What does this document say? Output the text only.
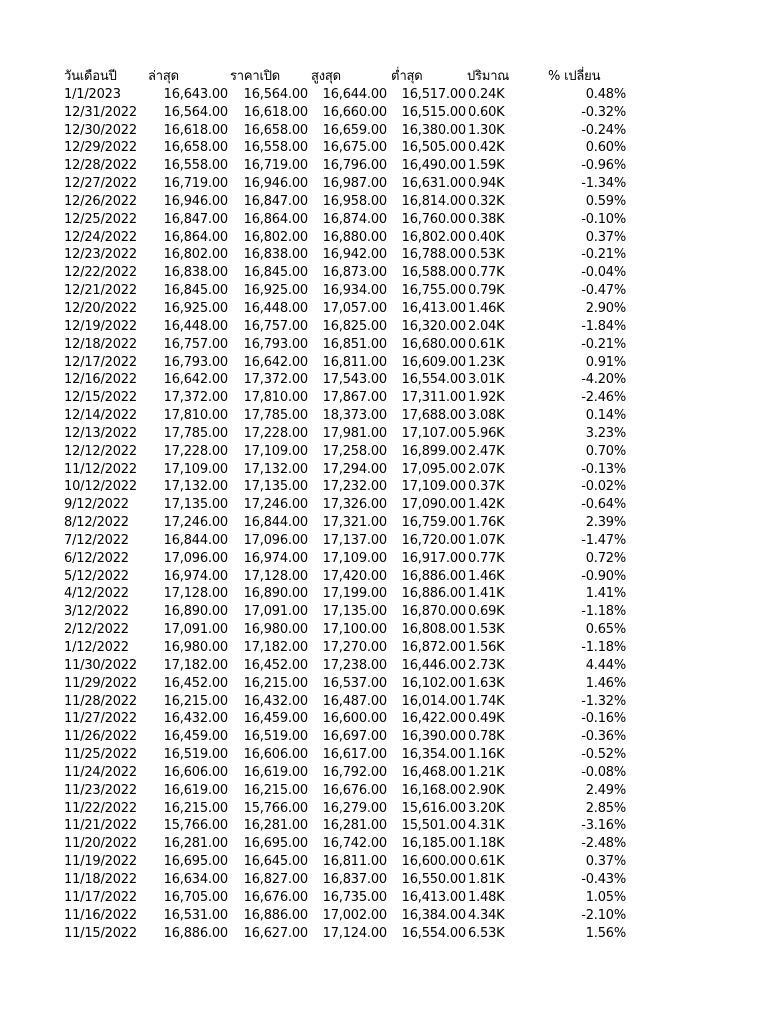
วันเดือนปี ล่าสุด	ราคาเปิด สูงสุด	ต่ำสุด	ปริมาณ	% เปลี่ยน
1/1/2023	16,643.00 16,564.00 16,644.00 16,517.00 0.24K	0.48%
12/31/2022 16,564.00 16,618.00 16,660.00 16,515.00 0.60K	-0.32%
12/30/2022 16,618.00 16,658.00 16,659.00 16,380.00 1.30K	-0.24%
12/29/2022 16,658.00 16,558.00 16,675.00 16,505.00 0.42K	0.60%
12/28/2022 16,558.00 16,719.00 16,796.00 16,490.00 1.59K	-0.96%
12/27/2022 16,719.00 16,946.00 16,987.00 16,631.00 0.94K	-1.34%
12/26/2022 16,946.00 16,847.00 16,958.00 16,814.00 0.32K	0.59%
12/25/2022 16,847.00 16,864.00 16,874.00 16,760.00 0.38K	-0.10%
12/24/2022 16,864.00 16,802.00 16,880.00 16,802.00 0.40K	0.37%
12/23/2022 16,802.00 16,838.00 16,942.00 16,788.00 0.53K	-0.21%
12/22/2022 16,838.00 16,845.00 16,873.00 16,588.00 0.77K	-0.04%
12/21/2022 16,845.00 16,925.00 16,934.00 16,755.00 0.79K	-0.47%
12/20/2022 16,925.00 16,448.00 17,057.00 16,413.00 1.46K	2.90%
12/19/2022 16,448.00 16,757.00 16,825.00 16,320.00 2.04K	-1.84%
12/18/2022 16,757.00 16,793.00 16,851.00 16,680.00 0.61K	-0.21%
12/17/2022 16,793.00 16,642.00 16,811.00 16,609.00 1.23K	0.91%
12/16/2022 16,642.00 17,372.00 17,543.00 16,554.00 3.01K	-4.20%
12/15/2022 17,372.00 17,810.00 17,867.00 17,311.00 1.92K	-2.46%
12/14/2022 17,810.00 17,785.00 18,373.00 17,688.00 3.08K	0.14%
12/13/2022 17,785.00 17,228.00 17,981.00 17,107.00 5.96K	3.23%
12/12/2022 17,228.00 17,109.00 17,258.00 16,899.00 2.47K	0.70%
11/12/2022 17,109.00 17,132.00 17,294.00 17,095.00 2.07K	-0.13%
10/12/2022 17,132.00 17,135.00 17,232.00 17,109.00 0.37K	-0.02%
9/12/2022	17,135.00 17,246.00 17,326.00 17,090.00 1.42K	-0.64%
8/12/2022	17,246.00 16,844.00 17,321.00 16,759.00 1.76K	2.39%
7/12/2022	16,844.00 17,096.00 17,137.00 16,720.00 1.07K	-1.47%
6/12/2022	17,096.00 16,974.00 17,109.00 16,917.00 0.77K	0.72%
5/12/2022	16,974.00 17,128.00 17,420.00 16,886.00 1.46K	-0.90%
4/12/2022	17,128.00 16,890.00 17,199.00 16,886.00 1.41K	1.41%
3/12/2022	16,890.00 17,091.00 17,135.00 16,870.00 0.69K	-1.18%
2/12/2022	17,091.00 16,980.00 17,100.00 16,808.00 1.53K	0.65%
1/12/2022	16,980.00 17,182.00 17,270.00 16,872.00 1.56K	-1.18%
11/30/2022 17,182.00 16,452.00 17,238.00 16,446.00 2.73K	4.44%
11/29/2022 16,452.00 16,215.00 16,537.00 16,102.00 1.63K	1.46%
11/28/2022 16,215.00 16,432.00 16,487.00 16,014.00 1.74K	-1.32%
11/27/2022 16,432.00 16,459.00 16,600.00 16,422.00 0.49K	-0.16%
11/26/2022 16,459.00 16,519.00 16,697.00 16,390.00 0.78K	-0.36%
11/25/2022 16,519.00 16,606.00 16,617.00 16,354.00 1.16K	-0.52%
11/24/2022 16,606.00 16,619.00 16,792.00 16,468.00 1.21K	-0.08%
11/23/2022 16,619.00 16,215.00 16,676.00 16,168.00 2.90K	2.49%
11/22/2022 16,215.00 15,766.00 16,279.00 15,616.00 3.20K	2.85%
11/21/2022 15,766.00 16,281.00 16,281.00 15,501.00 4.31K	-3.16%
11/20/2022 16,281.00 16,695.00 16,742.00 16,185.00 1.18K	-2.48%
11/19/2022 16,695.00 16,645.00 16,811.00 16,600.00 0.61K	0.37%
11/18/2022 16,634.00 16,827.00 16,837.00 16,550.00 1.81K	-0.43%
11/17/2022 16,705.00 16,676.00 16,735.00 16,413.00 1.48K	1.05%
11/16/2022 16,531.00 16,886.00 17,002.00 16,384.00 4.34K	-2.10%
11/15/2022 16,886.00 16,627.00 17,124.00 16,554.00 6.53K	1.56%
